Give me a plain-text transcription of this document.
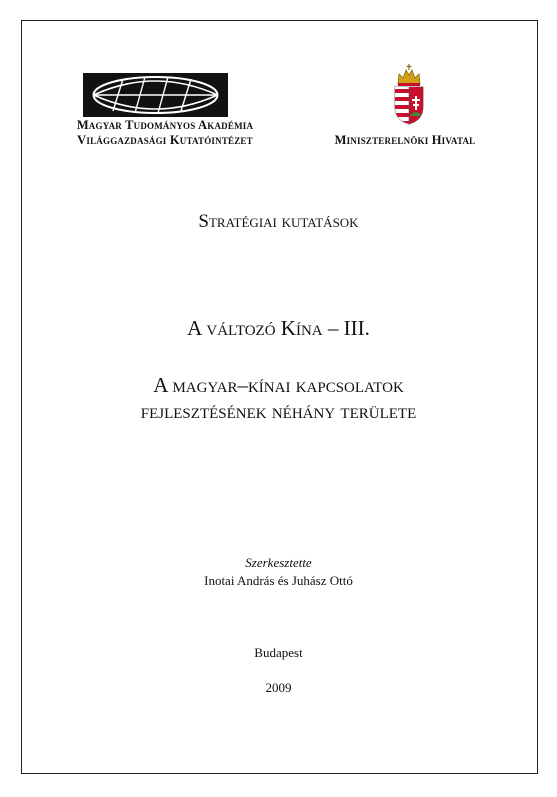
Magyar Tudományos Akadémia
Világgazdasági Kutatóintézet	Miniszterelnöki Hivatal
Stratégiai kutatások
A változó Kína – III.
A magyar–kínai kapcsolatok
fejlesztésének néhány területe
Szerkesztette
Inotai András és Juhász Ottó
Budapest
2009
